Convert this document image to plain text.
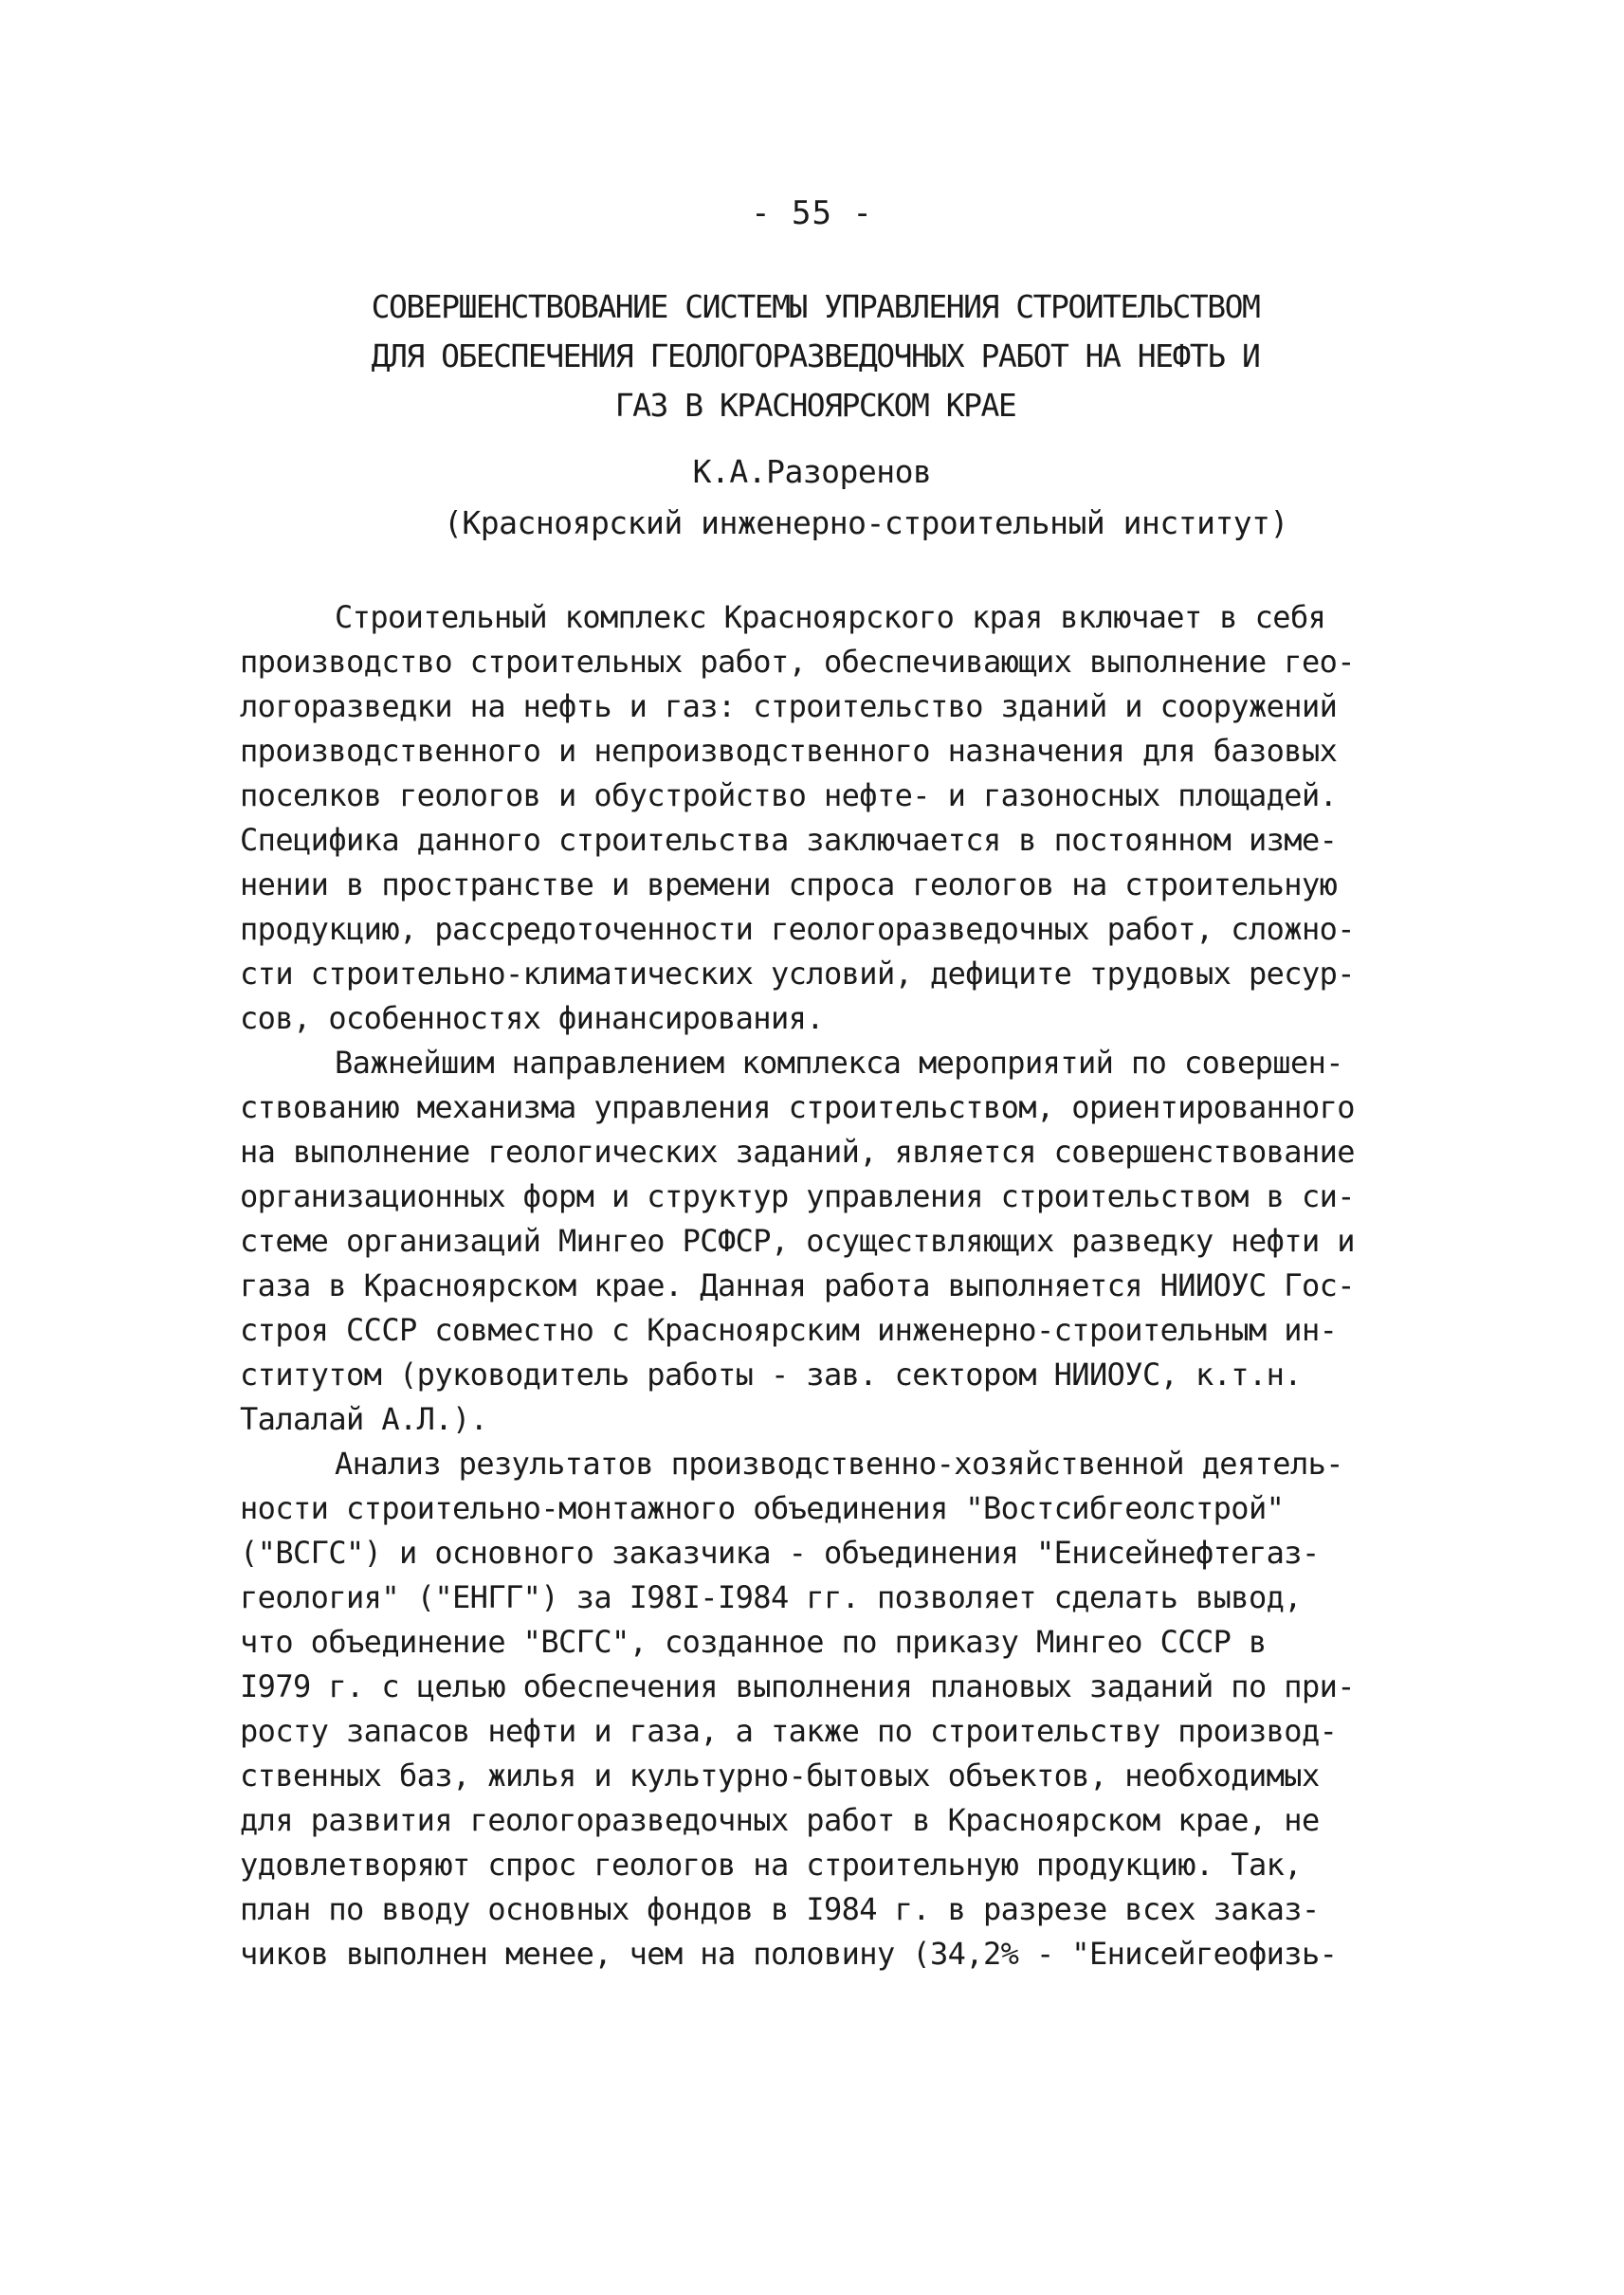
- 55 -
СОВЕРШЕНСТВОВАНИЕ СИСТЕМЫ УПРАВЛЕНИЯ СТРОИТЕЛЬСТВОМ
ДЛЯ ОБЕСПЕЧЕНИЯ ГЕОЛОГОРАЗВЕДОЧНЫХ РАБОТ НА НЕФТЬ И
ГАЗ В КРАСНОЯРСКОМ КРАЕ
К.А.Разоренов
(Красноярский инженерно-строительный институт)
Строительный комплекс Красноярского края включает в себя
производство строительных работ, обеспечивающих выполнение гео-
логоразведки на нефть и газ: строительство зданий и сооружений
производственного и непроизводственного назначения для базовых
поселков геологов и обустройство нефте- и газоносных площадей.
Специфика данного строительства заключается в постоянном изме-
нении в пространстве и времени спроса геологов на строительную
продукцию, рассредоточенности геологоразведочных работ, сложно-
сти строительно-климатических условий, дефиците трудовых ресур-
сов, особенностях финансирования.
Важнейшим направлением комплекса мероприятий по совершен-
ствованию механизма управления строительством, ориентированного
на выполнение геологических заданий, является совершенствование
организационных форм и структур управления строительством в си-
стеме организаций Мингео РСФСР, осуществляющих разведку нефти и
газа в Красноярском крае. Данная работа выполняется НИИОУС Гос-
строя СССР совместно с Красноярским инженерно-строительным ин-
ститутом (руководитель работы - зав. сектором НИИОУС, к.т.н.
Талалай А.Л.).
Анализ результатов производственно-хозяйственной деятель-
ности строительно-монтажного объединения "Востсибгеолстрой"
("ВСГС") и основного заказчика - объединения "Енисейнефтегаз-
геология" ("ЕНГГ") за I98I-I984 гг. позволяет сделать вывод,
что объединение "ВСГС", созданное по приказу Мингео СССР в
I979 г. с целью обеспечения выполнения плановых заданий по при-
росту запасов нефти и газа, а также по строительству производ-
ственных баз, жилья и культурно-бытовых объектов, необходимых
для развития геологоразведочных работ в Красноярском крае, не
удовлетворяют спрос геологов на строительную продукцию. Так,
план по вводу основных фондов в I984 г. в разрезе всех заказ-
чиков выполнен менее, чем на половину (34,2% - "Енисейгеофизь-
